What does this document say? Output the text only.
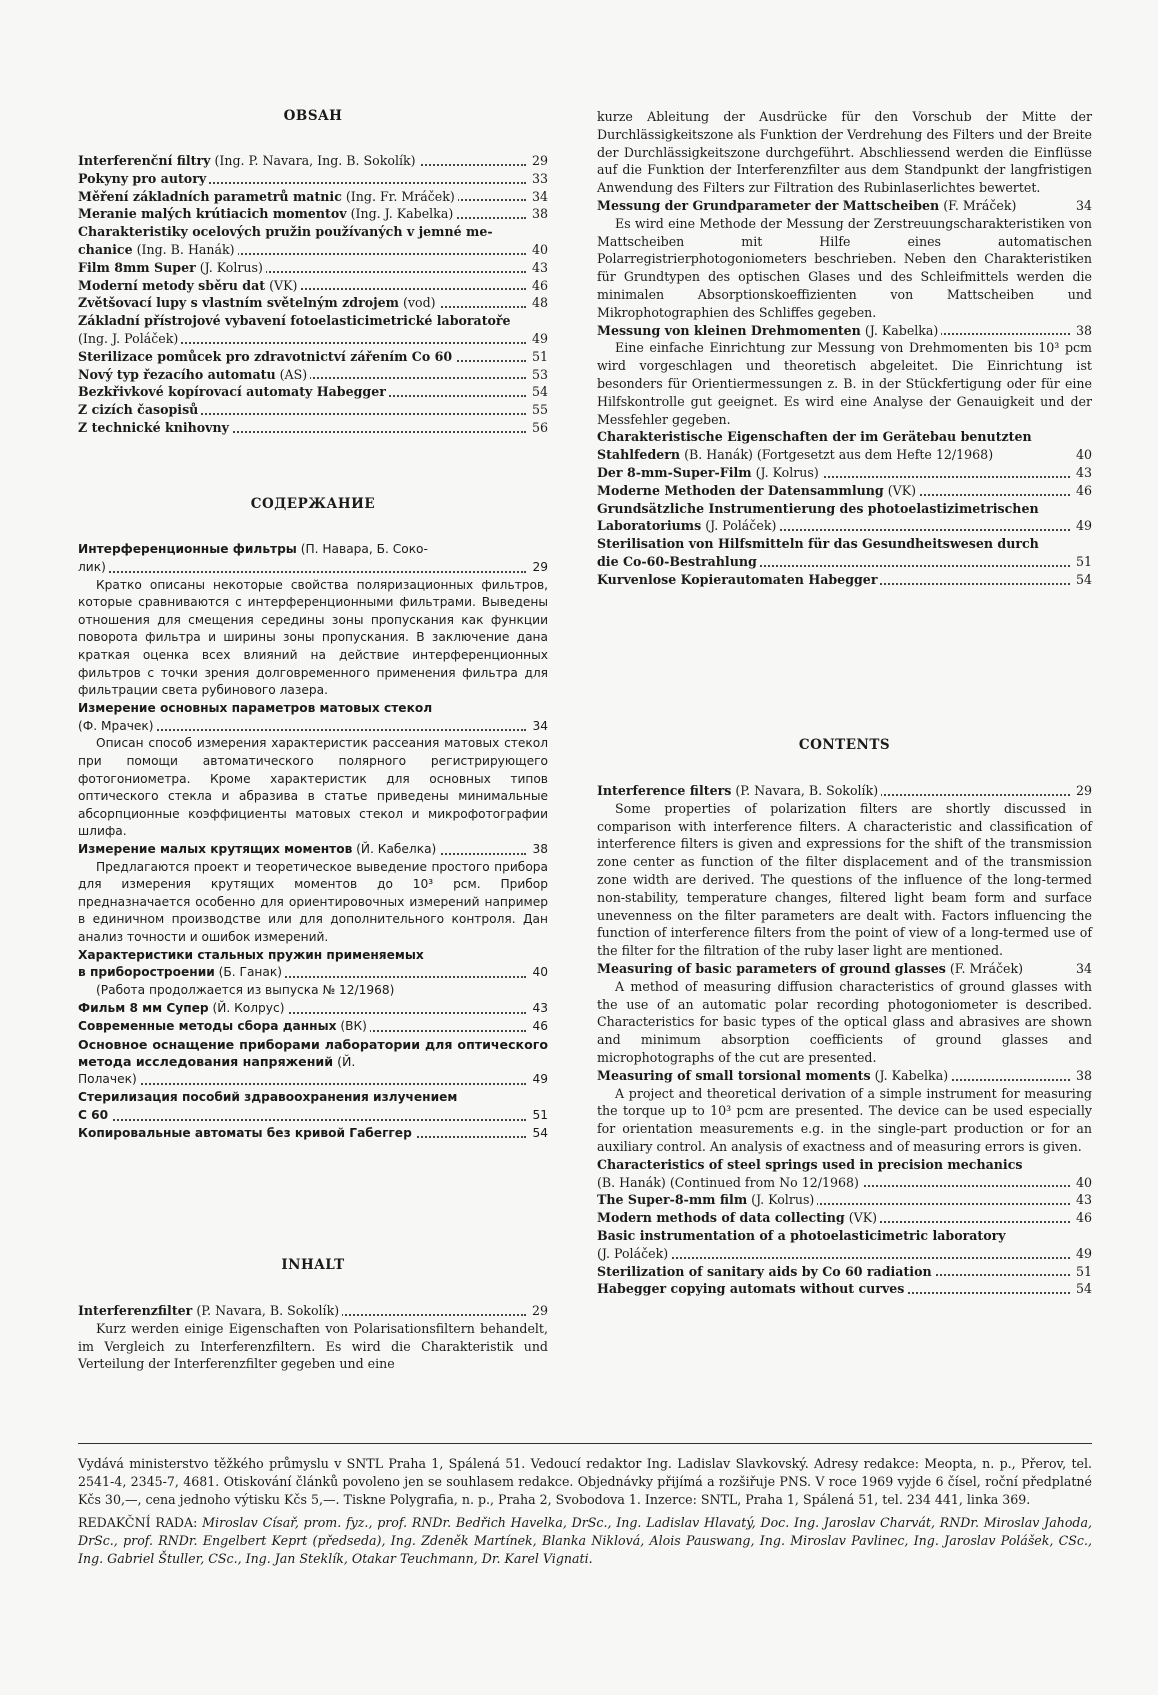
OBSAH
Interferenční filtry (Ing. P. Navara, Ing. B. Sokolík)	29
Pokyny pro autory	33
Měření základních parametrů matnic (Ing. Fr. Mráček)	34
Meranie malých krútiacich momentov (Ing. J. Kabelka)	38
Charakteristiky ocelových pružin používaných v jemné me-
chanice (Ing. B. Hanák)	40
Film 8mm Super (J. Kolrus)	43
Moderní metody sběru dat (VK)	46
Zvětšovací lupy s vlastním světelným zdrojem (vod)	48
Základní přístrojové vybavení fotoelasticimetrické laboratoře
(Ing. J. Poláček)	49
Sterilizace pomůcek pro zdravotnictví zářením Co 60	51
Nový typ řezacího automatu (AS)	53
Bezkřivkové kopírovací automaty Habegger	54
Z cizích časopisů	55
Z technické knihovny	56
СОДЕРЖАНИЕ
Интерференционные фильтры (П. Навара, Б. Соко-
лик)	29

Кратко описаны некоторые свойства поляризационных фильтров, которые сравниваются с интерференционными фильтрами. Выведены отношения для смещения середины зоны пропускания как функции поворота фильтра и ширины зоны пропускания. В заключение дана краткая оценка всех влияний на действие интерференционных фильтров с точки зрения долговременного применения фильтра для фильтрации света рубинового лазера.

Измерение основных параметров матовых стекол
(Ф. Мрачек)	34

Описан способ измерения характеристик рассеания матовых стекол при помощи автоматического полярного регистрирующего фотогониометра. Кроме характеристик для основных типов оптического стекла и абразива в статье приведены минимальные абсорпционные коэффициенты матовых стекол и микрофотографии шлифа.

Измерение малых крутящих моментов (Й. Кабелка)	38

Предлагаются проект и теоретическое выведение простого прибора для измерения крутящих моментов до 10³ pcм. Прибор предназначается особенно для ориентировочных измерений например в единичном производстве или для дополнительного контроля. Дан анализ точности и ошибок измерений.

Характеристики стальных пружин применяемых
в приборостроении (Б. Ганак)	40
(Работа продолжается из выпуска № 12/1968)
Фильм 8 мм Супер (Й. Колрус)	43
Современные методы сбора данных (ВК)	46
Основное оснащение приборами лаборатории для оптического метода исследования напряжений (Й.
Полачек)	49
Стерилизация пособий здравоохранения излучением
C 60	51
Копировальные автоматы без кривой Габеггер	54
INHALT
Interferenzfilter (P. Navara, B. Sokolík)	29

Kurz werden einige Eigenschaften von Polarisationsfiltern behandelt, im Vergleich zu Interferenzfiltern. Es wird die Charakteristik und Verteilung der Interferenzfilter gegeben und eine

kurze Ableitung der Ausdrücke für den Vorschub der Mitte der Durchlässigkeitszone als Funktion der Verdrehung des Filters und der Breite der Durchlässigkeitszone durchgeführt. Abschliessend werden die Einflüsse auf die Funktion der Interferenzfilter aus dem Standpunkt der langfristigen Anwendung des Filters zur Filtration des Rubinlaserlichtes bewertet.

Messung der Grundparameter der Mattscheiben (F. Mráček)	34

Es wird eine Methode der Messung der Zerstreuungscharakteristiken von Mattscheiben mit Hilfe eines automatischen Polarregistrierphotogoniometers beschrieben. Neben den Charakteristiken für Grundtypen des optischen Glases und des Schleifmittels werden die minimalen Absorptionskoeffizienten von Mattscheiben und Mikrophotographien des Schliffes gegeben.

Messung von kleinen Drehmomenten (J. Kabelka)	38

Eine einfache Einrichtung zur Messung von Drehmomenten bis 10³ pcm wird vorgeschlagen und theoretisch abgeleitet. Die Einrichtung ist besonders für Orientiermessungen z. B. in der Stückfertigung oder für eine Hilfskontrolle gut geeignet. Es wird eine Analyse der Genauigkeit und der Messfehler gegeben.

Charakteristische Eigenschaften der im Gerätebau benutzten
Stahlfedern (B. Hanák) (Fortgesetzt aus dem Hefte 12/1968)	40
Der 8-mm-Super-Film (J. Kolrus)	43
Moderne Methoden der Datensammlung (VK)	46
Grundsätzliche Instrumentierung des photoelastizimetrischen
Laboratoriums (J. Poláček)	49
Sterilisation von Hilfsmitteln für das Gesundheitswesen durch
die Co-60-Bestrahlung	51
Kurvenlose Kopierautomaten Habegger	54
CONTENTS
Interference filters (P. Navara, B. Sokolík)	29

Some properties of polarization filters are shortly discussed in comparison with interference filters. A characteristic and classification of interference filters is given and expressions for the shift of the transmission zone center as function of the filter displacement and of the transmission zone width are derived. The questions of the influence of the long-termed non-stability, temperature changes, filtered light beam form and surface unevenness on the filter parameters are dealt with. Factors influencing the function of interference filters from the point of view of a long-termed use of the filter for the filtration of the ruby laser light are mentioned.

Measuring of basic parameters of ground glasses (F. Mráček)	34

A method of measuring diffusion characteristics of ground glasses with the use of an automatic polar recording photogoniometer is described. Characteristics for basic types of the optical glass and abrasives are shown and minimum absorption coefficients of ground glasses and microphotographs of the cut are presented.

Measuring of small torsional moments (J. Kabelka)	38

A project and theoretical derivation of a simple instrument for measuring the torque up to 10³ pcm are presented. The device can be used especially for orientation measurements e.g. in the single-part production or for an auxiliary control. An analysis of exactness and of measuring errors is given.

Characteristics of steel springs used in precision mechanics
(B. Hanák) (Continued from No 12/1968)	40
The Super-8-mm film (J. Kolrus)	43
Modern methods of data collecting (VK)	46
Basic instrumentation of a photoelasticimetric laboratory
(J. Poláček)	49
Sterilization of sanitary aids by Co 60 radiation	51
Habegger copying automats without curves	54

Vydává ministerstvo těžkého průmyslu v SNTL Praha 1, Spálená 51. Vedoucí redaktor Ing. Ladislav Slavkovský. Adresy redakce: Meopta, n. p., Přerov, tel. 2541-4, 2345-7, 4681. Otiskování článků povoleno jen se souhlasem redakce. Objednávky přijímá a rozšiřuje PNS. V roce 1969 vyjde 6 čísel, roční předplatné Kčs 30,—, cena jednoho výtisku Kčs 5,—. Tiskne Polygrafia, n. p., Praha 2, Svobodova 1. Inzerce: SNTL, Praha 1, Spálená 51, tel. 234 441, linka 369.

REDAKČNÍ RADA: Miroslav Císař, prom. fyz., prof. RNDr. Bedřich Havelka, DrSc., Ing. Ladislav Hlavatý, Doc. Ing. Jaroslav Charvát, RNDr. Miroslav Jahoda, DrSc., prof. RNDr. Engelbert Keprt (předseda), Ing. Zdeněk Martínek, Blanka Niklová, Alois Pauswang, Ing. Miroslav Pavlinec, Ing. Jaroslav Polášek, CSc., Ing. Gabriel Štuller, CSc., Ing. Jan Steklík, Otakar Teuchmann, Dr. Karel Vignati.
